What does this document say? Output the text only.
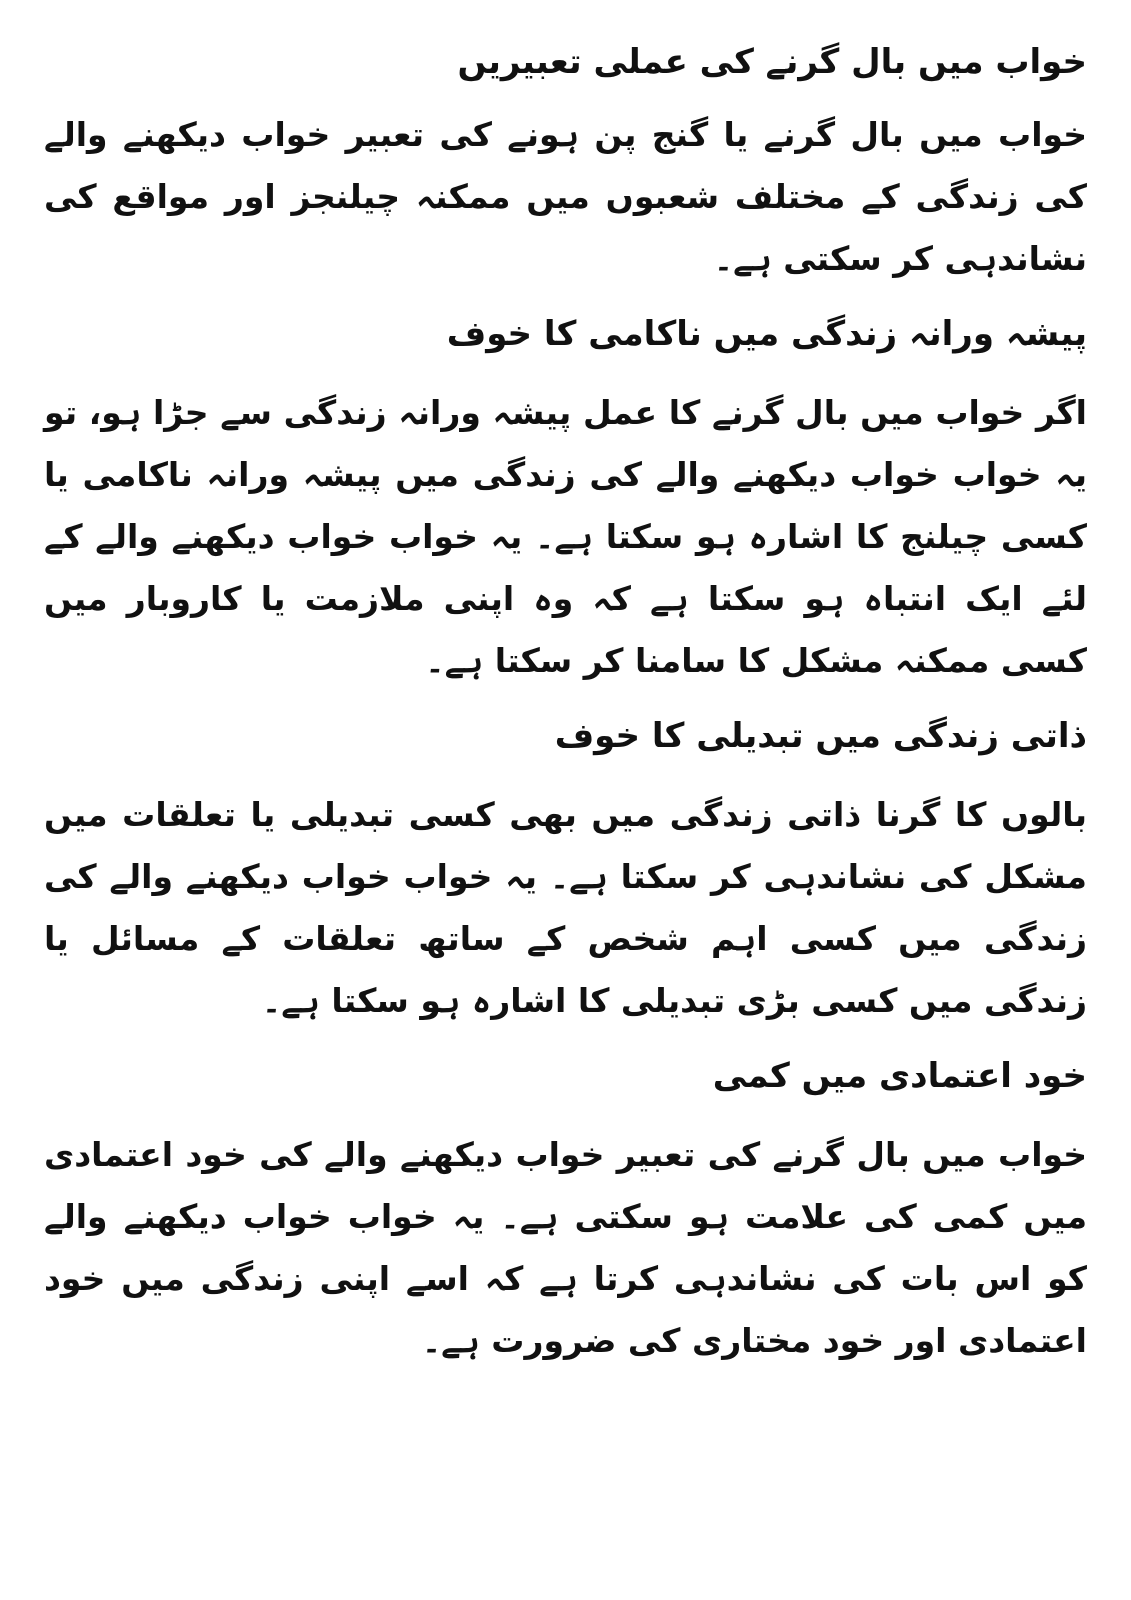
خواب میں بال گرنے کی عملی تعبیریں

خواب میں بال گرنے یا گنج پن ہونے کی تعبیر خواب دیکھنے والے کی زندگی کے مختلف شعبوں میں ممکنہ چیلنجز اور مواقع کی نشاندہی کر سکتی ہے۔

پیشہ ورانہ زندگی میں ناکامی کا خوف

اگر خواب میں بال گرنے کا عمل پیشہ ورانہ زندگی سے جڑا ہو، تو یہ خواب خواب دیکھنے والے کی زندگی میں پیشہ ورانہ ناکامی یا کسی چیلنج کا اشارہ ہو سکتا ہے۔ یہ خواب خواب دیکھنے والے کے لئے ایک انتباہ ہو سکتا ہے کہ وہ اپنی ملازمت یا کاروبار میں کسی ممکنہ مشکل کا سامنا کر سکتا ہے۔

ذاتی زندگی میں تبدیلی کا خوف

بالوں کا گرنا ذاتی زندگی میں بھی کسی تبدیلی یا تعلقات میں مشکل کی نشاندہی کر سکتا ہے۔ یہ خواب خواب دیکھنے والے کی زندگی میں کسی اہم شخص کے ساتھ تعلقات کے مسائل یا زندگی میں کسی بڑی تبدیلی کا اشارہ ہو سکتا ہے۔

خود اعتمادی میں کمی

خواب میں بال گرنے کی تعبیر خواب دیکھنے والے کی خود اعتمادی میں کمی کی علامت ہو سکتی ہے۔ یہ خواب خواب دیکھنے والے کو اس بات کی نشاندہی کرتا ہے کہ اسے اپنی زندگی میں خود اعتمادی اور خود مختاری کی ضرورت ہے۔
